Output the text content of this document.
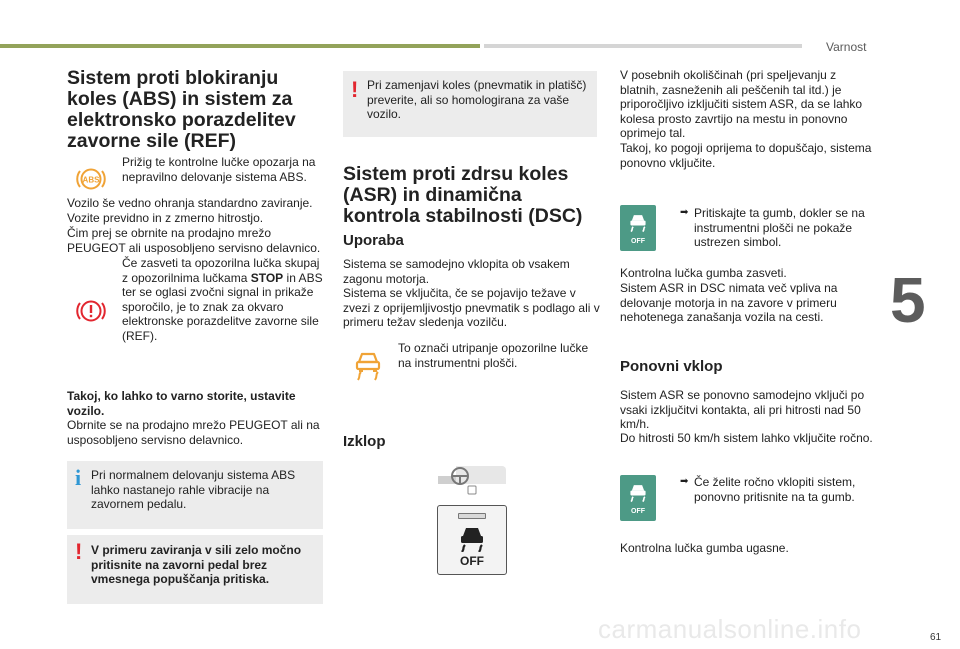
Varnost
5
61
carmanualsonline.info
Sistem proti blokiranju koles (ABS) in sistem za elektronsko porazdelitev zavorne sile (REF)
ABS

Prižig te kontrolne lučke opozarja na nepravilno delovanje sistema ABS.

Vozilo še vedno ohranja standardno zaviranje.

Vozite previdno in z zmerno hitrostjo.

Čim prej se obrnite na prodajno mrežo PEUGEOT ali usposobljeno servisno delavnico.

Če zasveti ta opozorilna lučka skupaj z opozorilnima lučkama STOP in ABS ter se oglasi zvočni signal in prikaže sporočilo, je to znak za okvaro elektronske porazdelitve zavorne sile (REF).

Takoj, ko lahko to varno storite, ustavite vozilo.

Obrnite se na prodajno mrežo PEUGEOT ali na usposobljeno servisno delavnico.

i Pri normalnem delovanju sistema ABS lahko nastanejo rahle vibracije na zavornem pedalu.

! V primeru zaviranja v sili zelo močno pritisnite na zavorni pedal brez vmesnega popuščanja pritiska.

! Pri zamenjavi koles (pnevmatik in platišč) preverite, ali so homologirana za vaše vozilo.

Sistem proti zdrsu koles (ASR) in dinamična kontrola stabilnosti (DSC)
Uporaba

Sistema se samodejno vklopita ob vsakem zagonu motorja.

Sistema se vključita, če se pojavijo težave v zvezi z oprijemljivostjo pnevmatik s podlago ali v primeru težav sledenja vozilču.

To označi utripanje opozorilne lučke na instrumentni plošči.

Izklop
OFF

V posebnih okoliščinah (pri speljevanju z blatnih, zasneženih ali peščenih tal itd.) je priporočljivo izključiti sistem ASR, da se lahko kolesa prosto zavrtijo na mestu in ponovno oprimejo tal.

Takoj, ko pogoji oprijema to dopuščajo, sistema ponovno vključite.

OFF
➡ Pritiskajte ta gumb, dokler se na instrumentni plošči ne pokaže ustrezen simbol.

Kontrolna lučka gumba zasveti.

Sistem ASR in DSC nimata več vpliva na delovanje motorja in na zavore v primeru nehotenega zanašanja vozila na cesti.

Ponovni vklop

Sistem ASR se ponovno samodejno vključi po vsaki izključitvi kontakta, ali pri hitrosti nad 50 km/h.

Do hitrosti 50 km/h sistem lahko vključite ročno.

OFF
➡ Če želite ročno vklopiti sistem, ponovno pritisnite na ta gumb.

Kontrolna lučka gumba ugasne.
